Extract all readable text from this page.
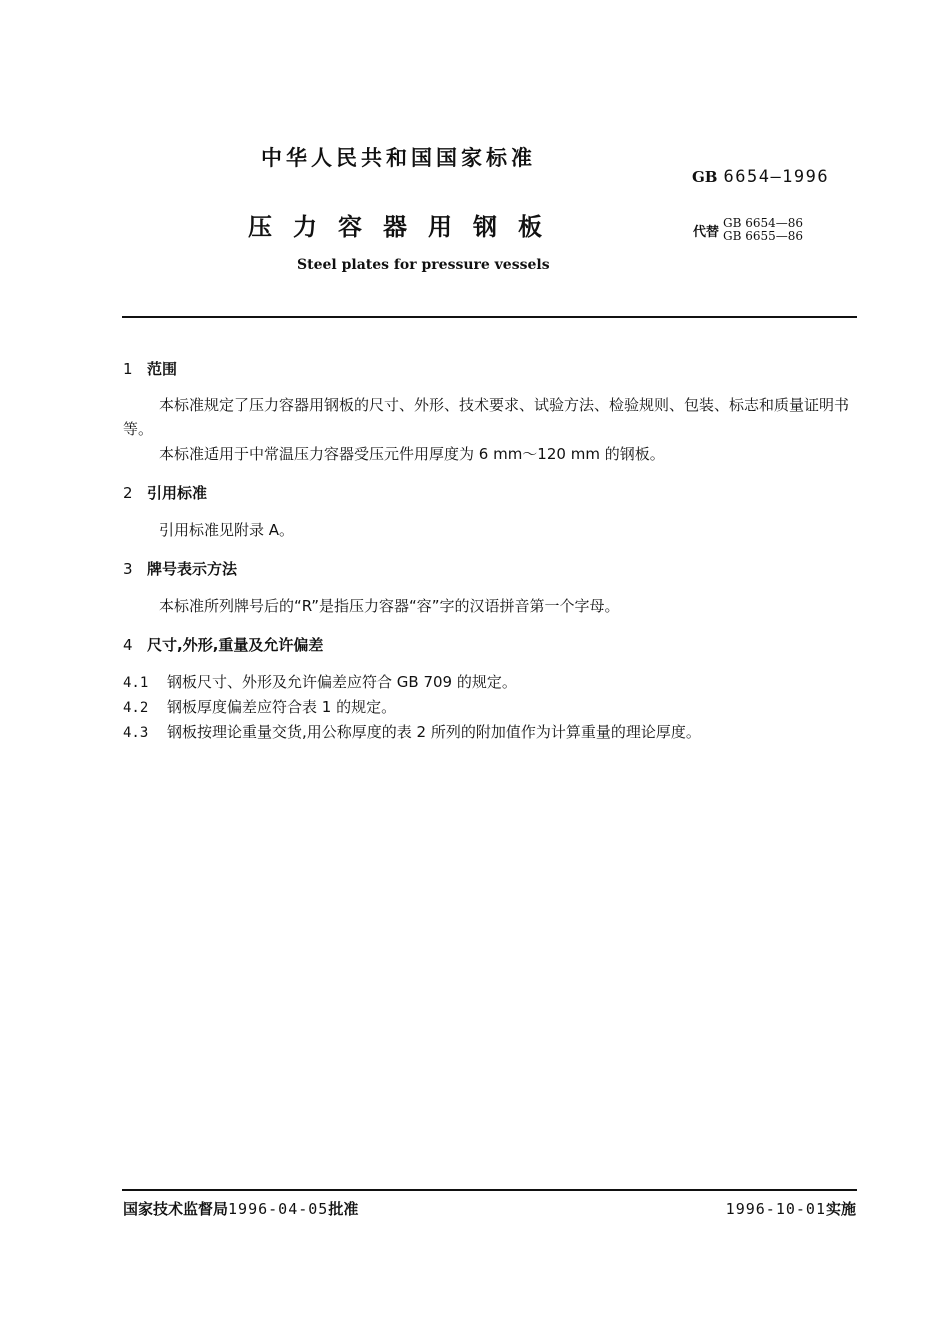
中华人民共和国国家标准
GB 6654—1996
压力容器用钢板	代替
GB 6654—86
GB 6655—86
Steel plates for pressure vessels
1 范围
本标准规定了压力容器用钢板的尺寸、外形、技术要求、试验方法、检验规则、包装、标志和质量证明书等。
本标准适用于中常温压力容器受压元件用厚度为 6 mm～120 mm 的钢板。
2 引用标准
引用标准见附录 A。
3 牌号表示方法
本标准所列牌号后的“R”是指压力容器“容”字的汉语拼音第一个字母。
4 尺寸,外形,重量及允许偏差
4.1 钢板尺寸、外形及允许偏差应符合 GB 709 的规定。
4.2 钢板厚度偏差应符合表 1 的规定。
4.3 钢板按理论重量交货,用公称厚度的表 2 所列的附加值作为计算重量的理论厚度。
国家技术监督局1996-04-05批准	1996-10-01实施
